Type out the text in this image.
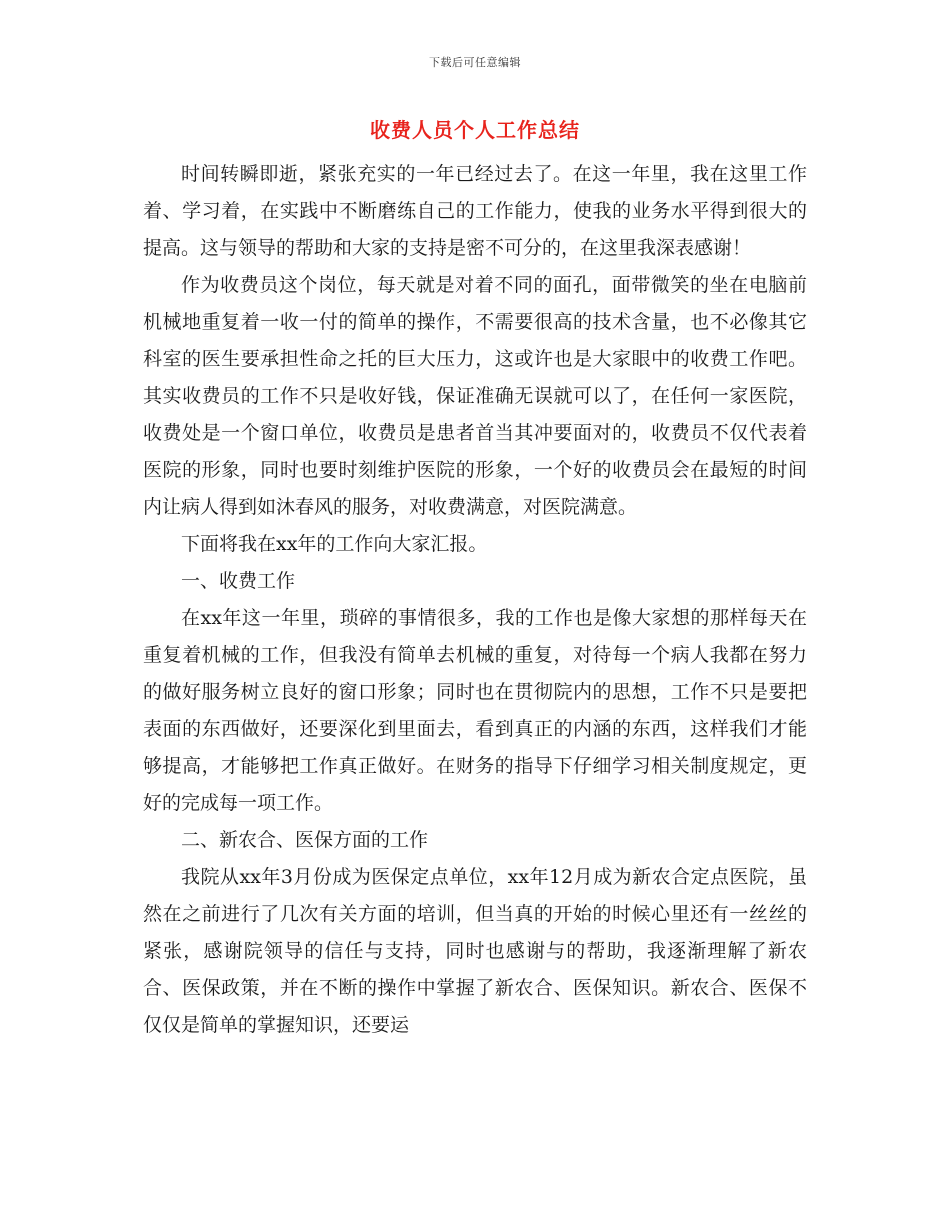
下载后可任意编辑
收费人员个人工作总结

时间转瞬即逝，紧张充实的一年已经过去了。在这一年里，我在这里工作着、学习着，在实践中不断磨练自己的工作能力，使我的业务水平得到很大的提高。这与领导的帮助和大家的支持是密不可分的，在这里我深表感谢！

作为收费员这个岗位，每天就是对着不同的面孔，面带微笑的坐在电脑前机械地重复着一收一付的简单的操作，不需要很高的技术含量，也不必像其它科室的医生要承担性命之托的巨大压力，这或许也是大家眼中的收费工作吧。其实收费员的工作不只是收好钱，保证准确无误就可以了，在任何一家医院，收费处是一个窗口单位，收费员是患者首当其冲要面对的，收费员不仅代表着医院的形象，同时也要时刻维护医院的形象，一个好的收费员会在最短的时间内让病人得到如沐春风的服务，对收费满意，对医院满意。

下面将我在xx年的工作向大家汇报。

一、收费工作

在xx年这一年里，琐碎的事情很多，我的工作也是像大家想的那样每天在重复着机械的工作，但我没有简单去机械的重复，对待每一个病人我都在努力的做好服务树立良好的窗口形象；同时也在贯彻院内的思想，工作不只是要把表面的东西做好，还要深化到里面去，看到真正的内涵的东西，这样我们才能够提高，才能够把工作真正做好。在财务的指导下仔细学习相关制度规定，更好的完成每一项工作。

二、新农合、医保方面的工作

我院从xx年3月份成为医保定点单位，xx年12月成为新农合定点医院，虽然在之前进行了几次有关方面的培训，但当真的开始的时候心里还有一丝丝的紧张，感谢院领导的信任与支持，同时也感谢与的帮助，我逐渐理解了新农合、医保政策，并在不断的操作中掌握了新农合、医保知识。新农合、医保不仅仅是简单的掌握知识，还要运
